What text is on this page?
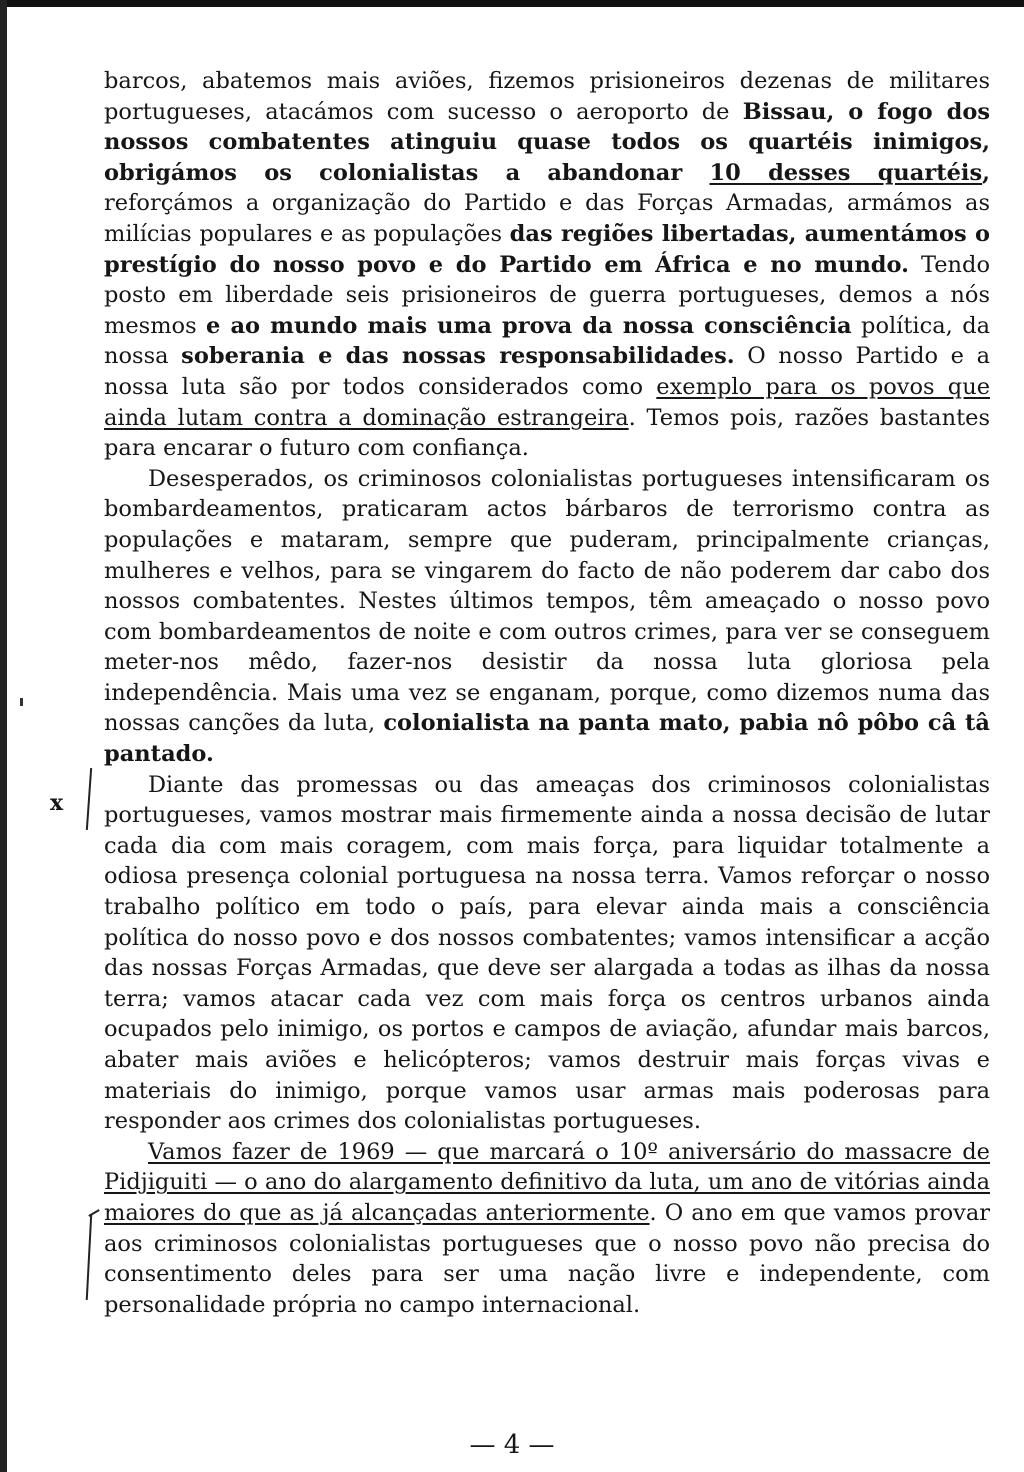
barcos, abatemos mais aviões, fizemos prisioneiros dezenas de militares portugueses, atacámos com sucesso o aeroporto de Bissau, o fogo dos nossos combatentes atinguiu quase todos os quartéis inimigos, obrigámos os colonialistas a abandonar 10 desses quartéis, reforçámos a organização do Partido e das Forças Armadas, armámos as milícias populares e as populações das regiões libertadas, aumentámos o prestígio do nosso povo e do Partido em África e no mundo. Tendo posto em liberdade seis prisioneiros de guerra portugueses, demos a nós mesmos e ao mundo mais uma prova da nossa consciência política, da nossa soberania e das nossas responsabilidades. O nosso Partido e a nossa luta são por todos considerados como exemplo para os povos que ainda lutam contra a dominação estrangeira. Temos pois, razões bastantes para encarar o futuro com confiança.

Desesperados, os criminosos colonialistas portugueses intensificaram os bombardeamentos, praticaram actos bárbaros de terrorismo contra as populações e mataram, sempre que puderam, principalmente crianças, mulheres e velhos, para se vingarem do facto de não poderem dar cabo dos nossos combatentes. Nestes últimos tempos, têm ameaçado o nosso povo com bombardeamentos de noite e com outros crimes, para ver se conseguem meter-nos mêdo, fazer-nos desistir da nossa luta gloriosa pela independência. Mais uma vez se enganam, porque, como dizemos numa das nossas canções da luta, colonialista na panta mato, pabia nô pôbo câ tâ pantado.

Diante das promessas ou das ameaças dos criminosos colonialistas portugueses, vamos mostrar mais firmemente ainda a nossa decisão de lutar cada dia com mais coragem, com mais força, para liquidar totalmente a odiosa presença colonial portuguesa na nossa terra. Vamos reforçar o nosso trabalho político em todo o país, para elevar ainda mais a consciência política do nosso povo e dos nossos combatentes; vamos intensificar a acção das nossas Forças Armadas, que deve ser alargada a todas as ilhas da nossa terra; vamos atacar cada vez com mais força os centros urbanos ainda ocupados pelo inimigo, os portos e campos de aviação, afundar mais barcos, abater mais aviões e helicópteros; vamos destruir mais forças vivas e materiais do inimigo, porque vamos usar armas mais poderosas para responder aos crimes dos colonialistas portugueses.

Vamos fazer de 1969 — que marcará o 10º aniversário do massacre de Pidjiguiti — o ano do alargamento definitivo da luta, um ano de vitórias ainda maiores do que as já alcançadas anteriormente. O ano em que vamos provar aos criminosos colonialistas portugueses que o nosso povo não precisa do consentimento deles para ser uma nação livre e independente, com personalidade própria no campo internacional.

x
— 4 —
